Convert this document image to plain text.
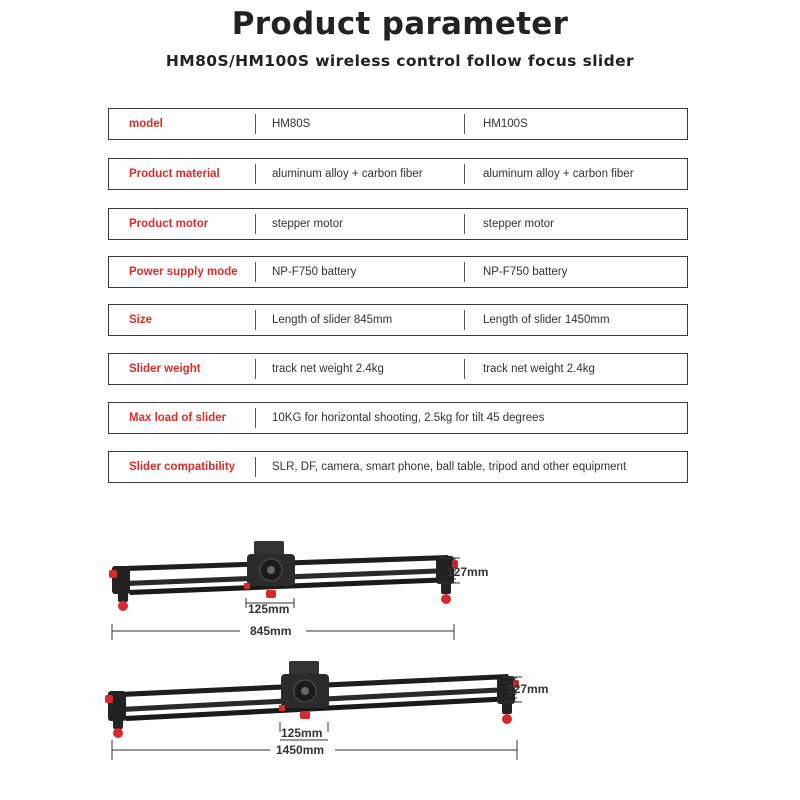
Product parameter
HM80S/HM100S wireless control follow focus slider
model	HM80S	HM100S
Product material	aluminum alloy + carbon fiber	aluminum alloy + carbon fiber
Product motor	stepper motor	stepper motor
Power supply mode	NP-F750 battery	NP-F750 battery
Size	Length of slider 845mm	Length of slider 1450mm
Slider weight	track net weight 2.4kg	track net weight 2.4kg
Max load of slider	10KG for horizontal shooting, 2.5kg for tilt 45 degrees
Slider compatibility	SLR, DF, camera, smart phone, ball table, tripod and other equipment
127mm
125mm
845mm
127mm
125mm
1450mm
